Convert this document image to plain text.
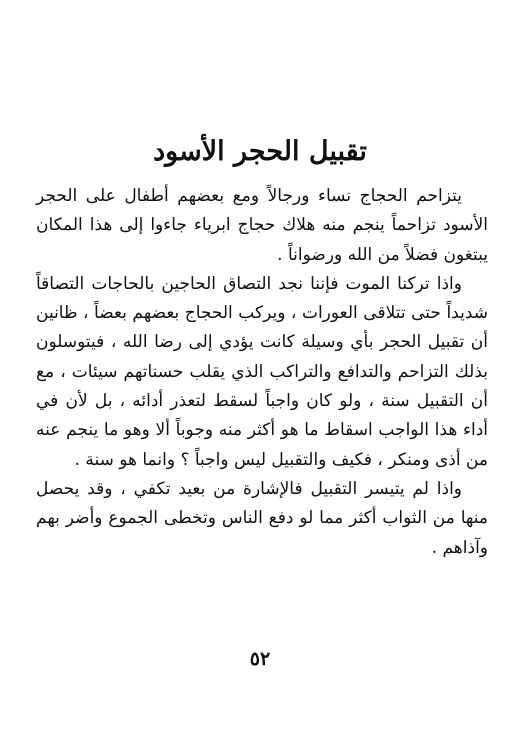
تقبيل الحجر الأسود

يتزاحم الحجاج نساء ورجالاً ومع بعضهم أطفال على الحجر الأسود تزاحماً ينجم منه هلاك حجاج ابرياء جاءوا إلى هذا المكان يبتغون فضلاً من الله ورضواناً .

واذا تركنا الموت فإننا نجد التصاق الحاجين بالحاجات التصاقاً شديداً حتى تتلاقى العورات ، ويركب الحجاج بعضهم بعضاً ، ظانين أن تقبيل الحجر بأي وسيلة كانت يؤدي إلى رضا الله ، فيتوسلون بذلك التزاحم والتدافع والتراكب الذي يقلب حسناتهم سيئات ، مع أن التقبيل سنة ، ولو كان واجباً لسقط لتعذر أدائه ، بل لأن في أداء هذا الواجب اسقاط ما هو أكثر منه وجوباً ألا وهو ما ينجم عنه من أذى ومنكر ، فكيف والتقبيل ليس واجباً ؟ وانما هو سنة .

واذا لم يتيسر التقبيل فالإشارة من بعيد تكفي ، وقد يحصل منها من الثواب أكثر مما لو دفع الناس وتخطى الجموع وأضر بهم وآذاهم .

٥٢
